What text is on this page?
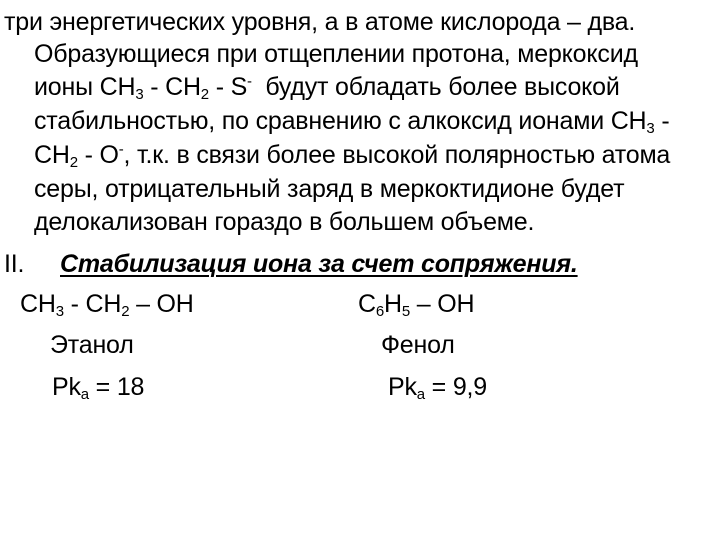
три энергетических уровня, а в атоме кислорода – два.
Образующиеся при отщеплении протона, меркоксид
ионы $CH_3 - CH_2 - S^-$  будут обладать более высокой
стабильностью, по сравнению с алкоксид ионами $CH_3$ -
$CH_2 - O^-$, т.к. в связи более высокой полярностью атома
серы, отрицательный заряд в меркоктидионе будет
делокализован гораздо в большем объеме.
II. Стабилизация иона за счет сопряжения.
$CH_3 - CH_2$ – OH
Этанол
$Pk_a = 18$
$C_6H_5$ – OH
Фенол
$Pk_a = 9,9$
